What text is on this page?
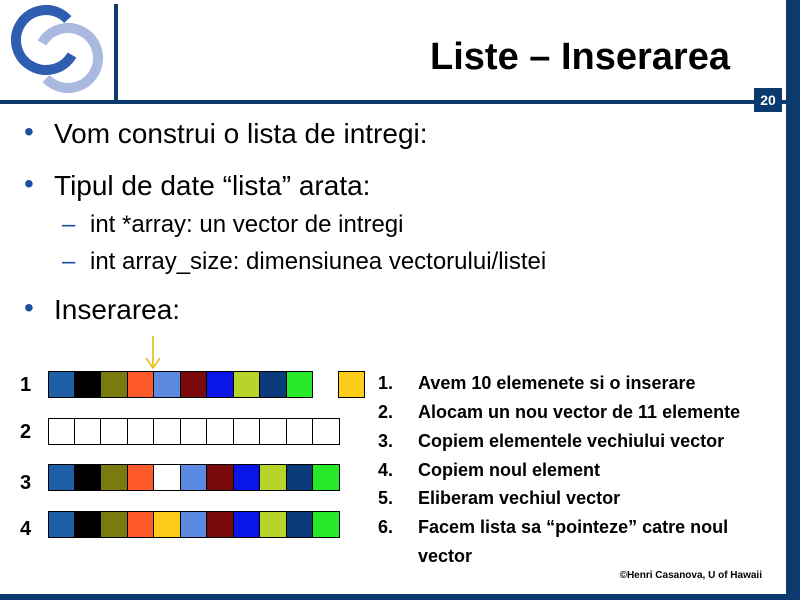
Liste – Inserarea
20
• Vom construi o lista de intregi:
• Tipul de date “lista” arata:
– int *array: un vector de intregi
– int array_size: dimensiunea vectorului/listei
• Inserarea:
1
2
3
4
1. Avem 10 elemenete si o inserare
2. Alocam un nou vector de 11 elemente
3. Copiem elementele vechiului vector
4. Copiem noul element
5. Eliberam vechiul vector
6. Facem lista sa “pointeze” catre noul
vector
©Henri Casanova, U of Hawaii
